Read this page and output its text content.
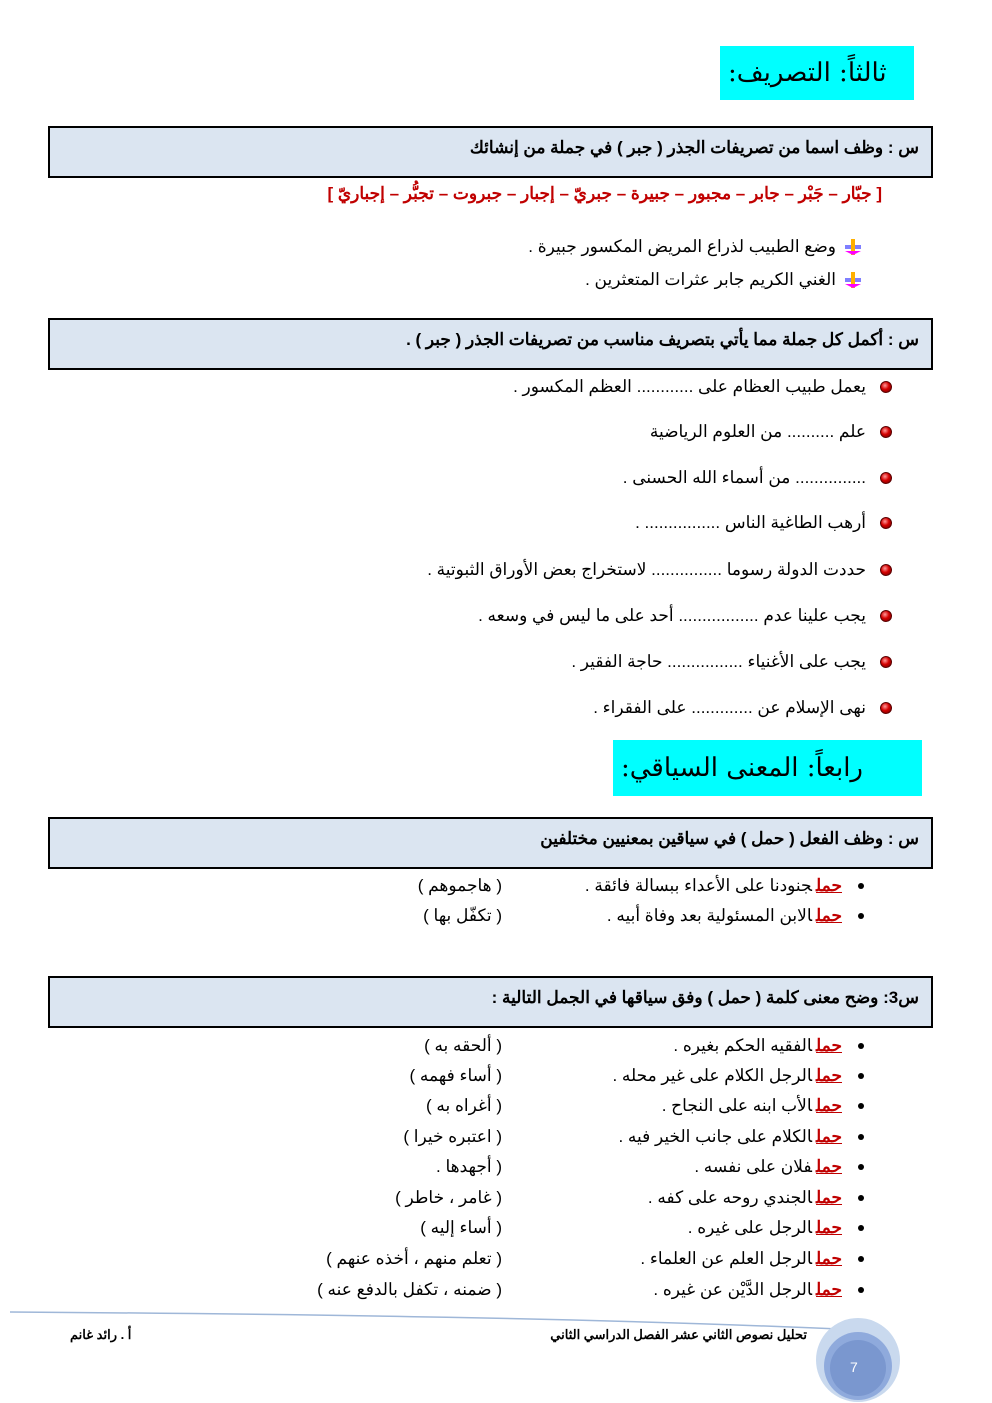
ثالثاً: التصريف:
س : وظف اسما من تصريفات الجذر ( جبر ) في جملة من إنشائك
[ جبّار – جَبْر – جابر – مجبور – جبيرة – جبريّ – إجبار – جبروت – تجبُّر – إجباريّ ]
وضع الطبيب لذراع المريض المكسور جبيرة .
الغني الكريم جابر عثرات المتعثرين .
س : أكمل كل جملة مما يأتي بتصريف مناسب من تصريفات الجذر ( جبر ) .
يعمل طبيب العظام على ............ العظم المكسور .
علم .......... من العلوم الرياضية
............... من أسماء الله الحسنى .
أرهب الطاغية الناس ................ .
حددت الدولة رسوما ............... لاستخراج بعض الأوراق الثبوتية .
يجب علينا عدم ................. أحد على ما ليس في وسعه .
يجب على الأغنياء ................ حاجة الفقير .
نهى الإسلام عن ............. على الفقراء .
رابعاً: المعنى السياقي:
س : وظف الفعل ( حمل ) في سياقين بمعنيين مختلفين
حملجنودنا على الأعداء ببسالة فائقة .
( هاجموهم )
حملالابن المسئولية بعد وفاة أبيه .
( تكفّل بها )
س3: وضح معنى كلمة ( حمل ) وفق سياقها في الجمل التالية :
حملالفقيه الحكم بغيره .
( ألحقه به )
حملالرجل الكلام على غير محله .
( أساء فهمه )
حملالأب ابنه على النجاح .
( أغراه به )
حملالكلام على جانب الخير فيه .
( اعتبره خيرا )
حملفلان على نفسه .
( أجهدها .
حملالجندي روحه على كفه .
( غامر ، خاطر )
حملالرجل على غيره .
( أساء إليه )
حملالرجل العلم عن العلماء .
( تعلم منهم ، أخذه عنهم )
حملالرجل الدَّيْن عن غيره .
( ضمنه ، تكفل بالدفع عنه )
تحليل نصوص الثاني عشر الفصل الدراسي الثاني
أ . رائد غانم
7
